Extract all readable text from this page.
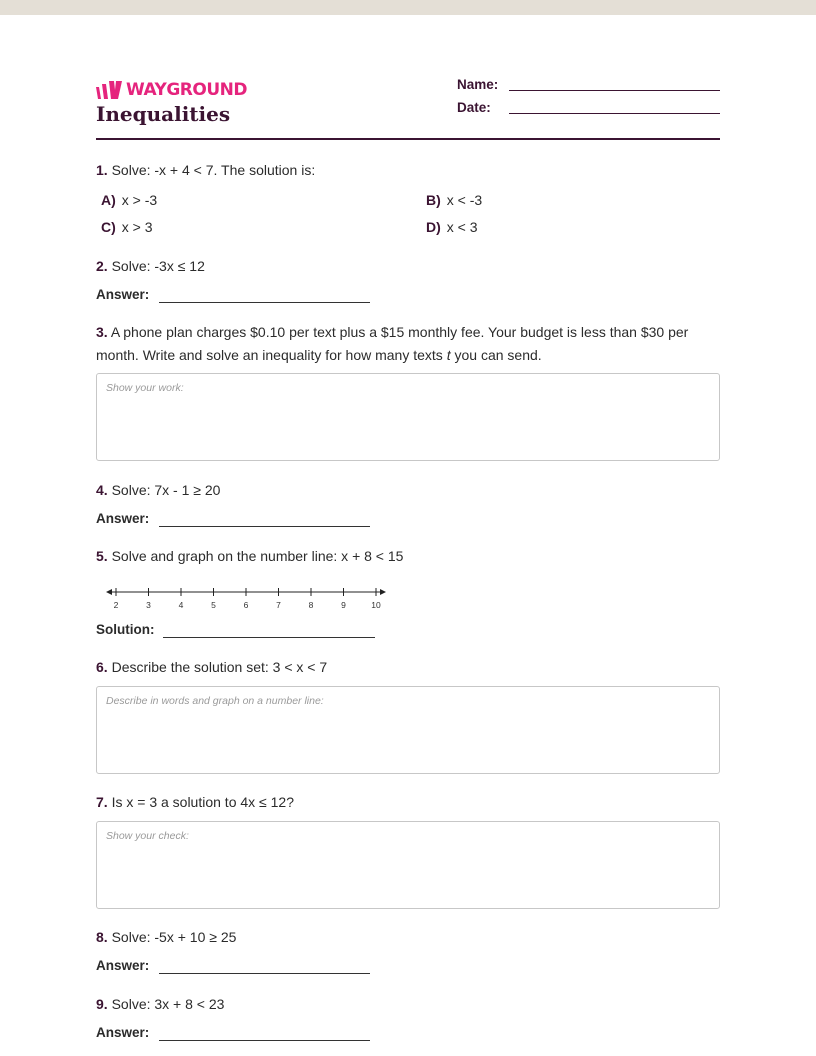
WAYGROUND
Inequalities
Name:
Date:
1. Solve: -x + 4 < 7. The solution is:
A) x > -3	B) x < -3
C) x > 3	D) x < 3
2. Solve: -3x ≤ 12
Answer:
3. A phone plan charges $0.10 per text plus a $15 monthly fee. Your budget is less than $30 per month. Write and solve an inequality for how many texts t you can send.
Show your work:
4. Solve: 7x - 1 ≥ 20
Answer:
5. Solve and graph on the number line: x + 8 < 15
2	3	4	5	6	7	8	9	10
Solution:
6. Describe the solution set: 3 < x < 7
Describe in words and graph on a number line:
7. Is x = 3 a solution to 4x ≤ 12?
Show your check:
8. Solve: -5x + 10 ≥ 25
Answer:
9. Solve: 3x + 8 < 23
Answer:
